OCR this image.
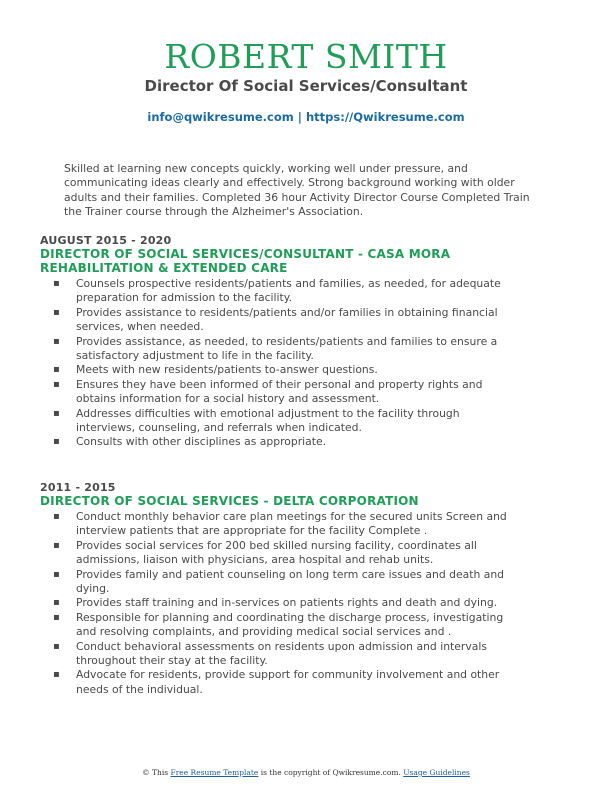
ROBERT SMITH
Director Of Social Services/Consultant
info@qwikresume.com | https://Qwikresume.com
Skilled at learning new concepts quickly, working well under pressure, and communicating ideas clearly and effectively. Strong background working with older adults and their families. Completed 36 hour Activity Director Course Completed Train the Trainer course through the Alzheimer's Association.
AUGUST 2015 - 2020
DIRECTOR OF SOCIAL SERVICES/CONSULTANT - CASA MORA REHABILITATION & EXTENDED CARE
▪ Counsels prospective residents/patients and families, as needed, for adequate preparation for admission to the facility.
▪ Provides assistance to residents/patients and/or families in obtaining financial services, when needed.
▪ Provides assistance, as needed, to residents/patients and families to ensure a satisfactory adjustment to life in the facility.
▪ Meets with new residents/patients to-answer questions.
▪ Ensures they have been informed of their personal and property rights and obtains information for a social history and assessment.
▪ Addresses difficulties with emotional adjustment to the facility through interviews, counseling, and referrals when indicated.
▪ Consults with other disciplines as appropriate.
2011 - 2015
DIRECTOR OF SOCIAL SERVICES - DELTA CORPORATION
▪ Conduct monthly behavior care plan meetings for the secured units Screen and interview patients that are appropriate for the facility Complete .
▪ Provides social services for 200 bed skilled nursing facility, coordinates all admissions, liaison with physicians, area hospital and rehab units.
▪ Provides family and patient counseling on long term care issues and death and dying.
▪ Provides staff training and in-services on patients rights and death and dying.
▪ Responsible for planning and coordinating the discharge process, investigating and resolving complaints, and providing medical social services and .
▪ Conduct behavioral assessments on residents upon admission and intervals throughout their stay at the facility.
▪ Advocate for residents, provide support for community involvement and other needs of the individual.
© This Free Resume Template is the copyright of Qwikresume.com. Usage Guidelines
